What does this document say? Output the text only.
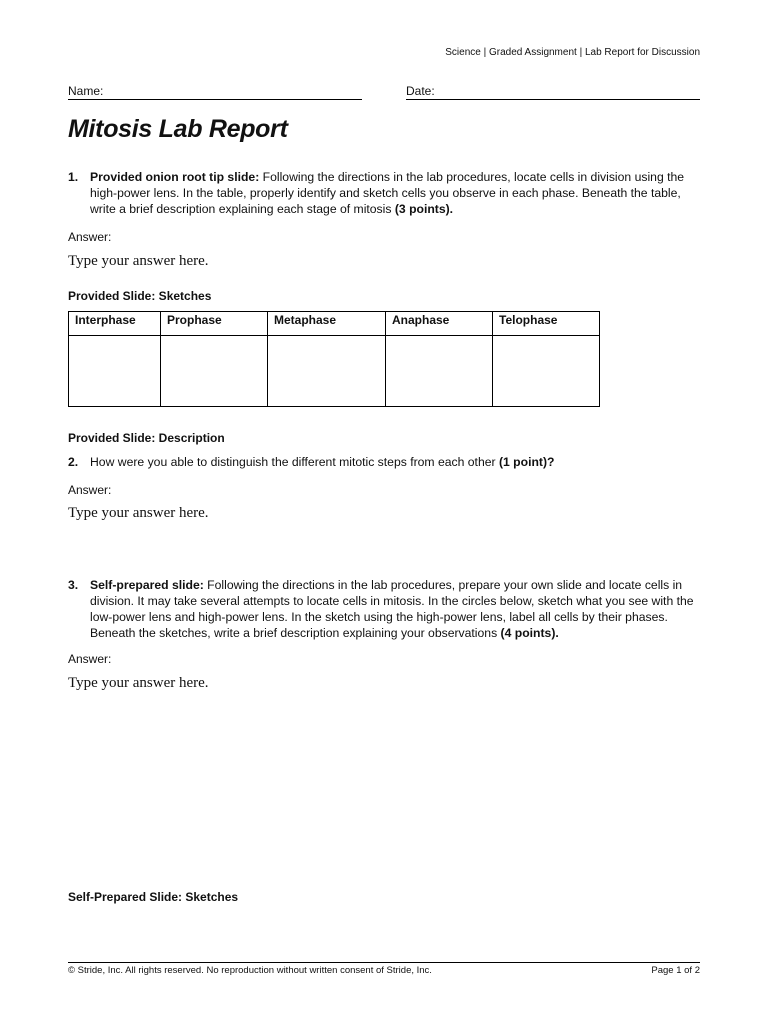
Science | Graded Assignment | Lab Report for Discussion
Name:	Date:
Mitosis Lab Report
1. Provided onion root tip slide: Following the directions in the lab procedures, locate cells in division using the high-power lens. In the table, properly identify and sketch cells you observe in each phase. Beneath the table, write a brief description explaining each stage of mitosis (3 points).
Answer:
Type your answer here.
Provided Slide: Sketches
Interphase	Prophase	Metaphase	Anaphase	Telophase

Provided Slide: Description
2. How were you able to distinguish the different mitotic steps from each other (1 point)?
Answer:
Type your answer here.
3. Self-prepared slide: Following the directions in the lab procedures, prepare your own slide and locate cells in division. It may take several attempts to locate cells in mitosis. In the circles below, sketch what you see with the low-power lens and high-power lens. In the sketch using the high-power lens, label all cells by their phases. Beneath the sketches, write a brief description explaining your observations (4 points).
Answer:
Type your answer here.
Self-Prepared Slide: Sketches
© Stride, Inc. All rights reserved. No reproduction without written consent of Stride, Inc.	Page 1 of 2
